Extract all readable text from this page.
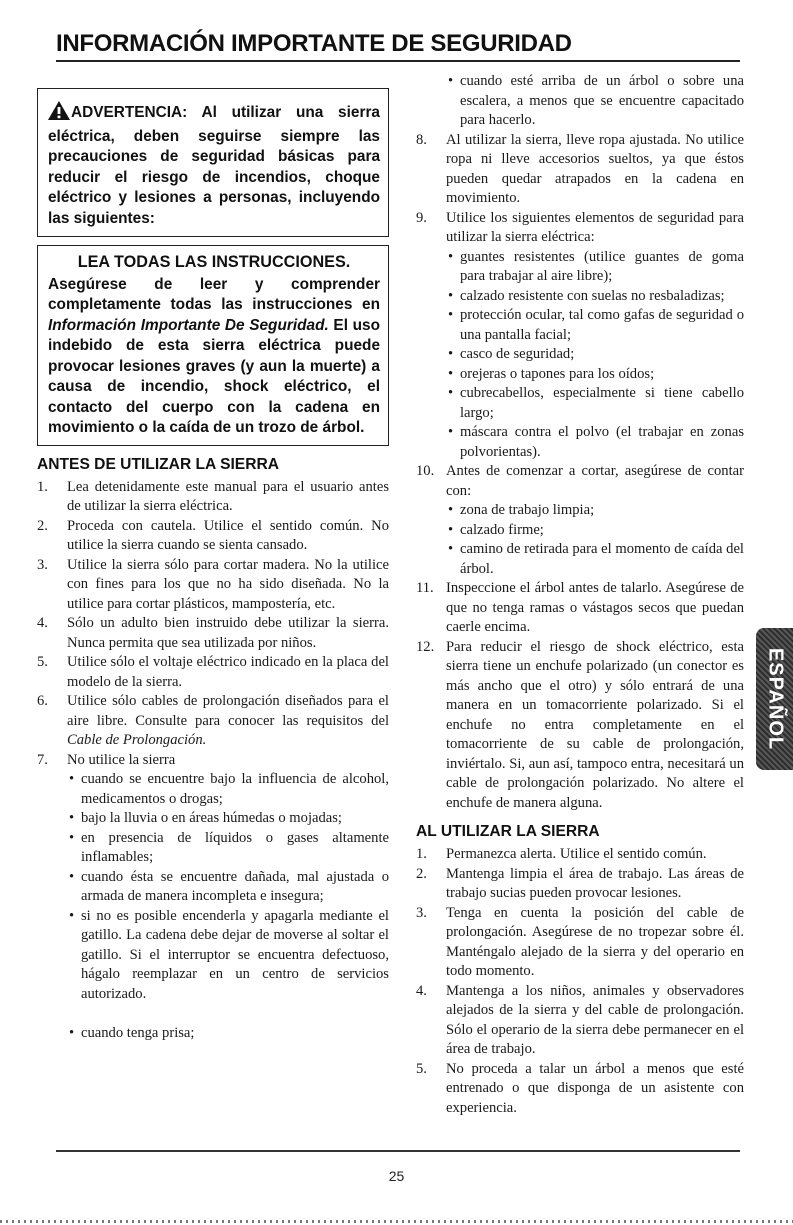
INFORMACIÓN IMPORTANTE DE SEGURIDAD
ADVERTENCIA: Al utilizar una sierra eléctrica, deben seguirse siempre las precauciones de seguridad básicas para reducir el riesgo de incendios, choque eléctrico y lesiones a personas, incluyendo las siguientes:
LEA TODAS LAS INSTRUCCIONES.
Asegúrese de leer y comprender completamente todas las instrucciones en Información Importante De Seguridad. El uso indebido de esta sierra eléctrica puede provocar lesiones graves (y aun la muerte) a causa de incendio, shock eléctrico, el contacto del cuerpo con la cadena en movimiento o la caída de un trozo de árbol.
ANTES DE UTILIZAR LA SIERRA
1. Lea detenidamente este manual para el usuario antes de utilizar la sierra eléctrica.
2. Proceda con cautela. Utilice el sentido común. No utilice la sierra cuando se sienta cansado.
3. Utilice la sierra sólo para cortar madera. No la utilice con fines para los que no ha sido diseñada. No la utilice para cortar plásticos, mampostería, etc.
4. Sólo un adulto bien instruido debe utilizar la sierra. Nunca permita que sea utilizada por niños.
5. Utilice sólo el voltaje eléctrico indicado en la placa del modelo de la sierra.
6. Utilice sólo cables de prolongación diseñados para el aire libre. Consulte para conocer las requisitos del Cable de Prolongación.
7. No utilice la sierra
• cuando se encuentre bajo la influencia de alcohol, medicamentos o drogas;
• bajo la lluvia o en áreas húmedas o mojadas;
• en presencia de líquidos o gases altamente inflamables;
• cuando ésta se encuentre dañada, mal ajustada o armada de manera incompleta e insegura;
• si no es posible encenderla y apagarla mediante el gatillo. La cadena debe dejar de moverse al soltar el gatillo. Si el interruptor se encuentra defectuoso, hágalo reemplazar en un centro de servicios autorizado.
• cuando tenga prisa;
• cuando esté arriba de un árbol o sobre una escalera, a menos que se encuentre capacitado para hacerlo.
8. Al utilizar la sierra, lleve ropa ajustada. No utilice ropa ni lleve accesorios sueltos, ya que éstos pueden quedar atrapados en la cadena en movimiento.
9. Utilice los siguientes elementos de seguridad para utilizar la sierra eléctrica:
• guantes resistentes (utilice guantes de goma para trabajar al aire libre);
• calzado resistente con suelas no resbaladizas;
• protección ocular, tal como gafas de seguridad o una pantalla facial;
• casco de seguridad;
• orejeras o tapones para los oídos;
• cubrecabellos, especialmente si tiene cabello largo;
• máscara contra el polvo (el trabajar en zonas polvorientas).
10. Antes de comenzar a cortar, asegúrese de contar con:
• zona de trabajo limpia;
• calzado firme;
• camino de retirada para el momento de caída del árbol.
11. Inspeccione el árbol antes de talarlo. Asegúrese de que no tenga ramas o vástagos secos que puedan caerle encima.
12. Para reducir el riesgo de shock eléctrico, esta sierra tiene un enchufe polarizado (un conector es más ancho que el otro) y sólo entrará de una manera en un tomacorriente polarizado. Si el enchufe no entra completamente en el tomacorriente de su cable de prolongación, inviértalo. Si, aun así, tampoco entra, necesitará un cable de prolongación polarizado. No altere el enchufe de manera alguna.
AL UTILIZAR LA SIERRA
1. Permanezca alerta. Utilice el sentido común.
2. Mantenga limpia el área de trabajo. Las áreas de trabajo sucias pueden provocar lesiones.
3. Tenga en cuenta la posición del cable de prolongación. Asegúrese de no tropezar sobre él. Manténgalo alejado de la sierra y del operario en todo momento.
4. Mantenga a los niños, animales y observadores alejados de la sierra y del cable de prolongación. Sólo el operario de la sierra debe permanecer en el área de trabajo.
5. No proceda a talar un árbol a menos que esté entrenado o que disponga de un asistente con experiencia.
ESPAÑOL
25
